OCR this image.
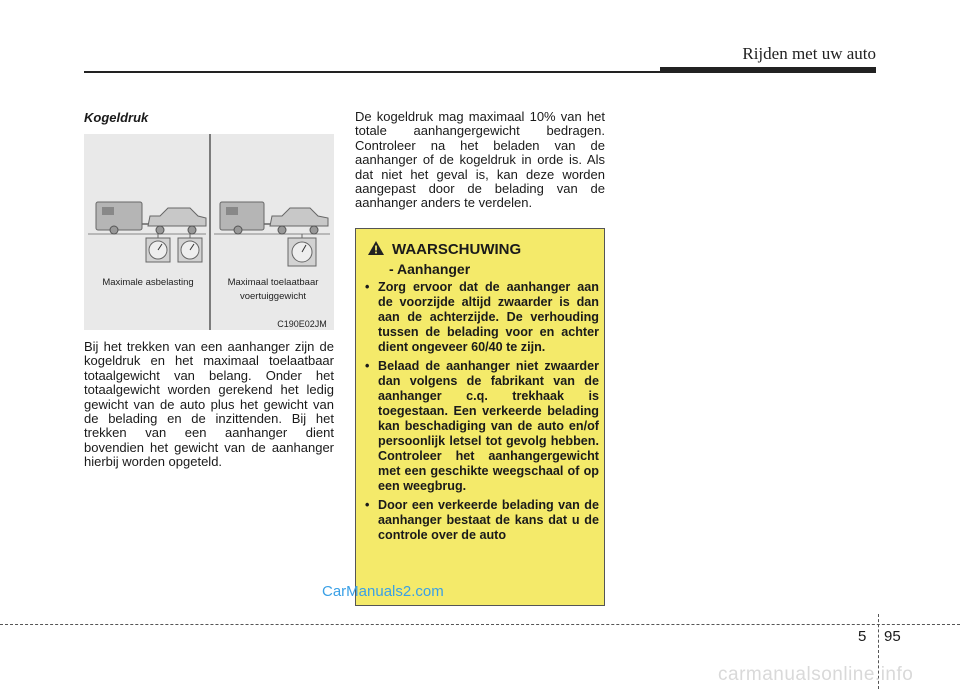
Rijden met uw auto
Kogeldruk
Maximale asbelasting	Maximaal toelaatbaar
voertuiggewicht
C190E02JM
Bij het trekken van een aanhanger zijn de kogeldruk en het maximaal toelaatbaar totaalgewicht van belang. Onder het totaalgewicht worden gerekend het ledig gewicht van de auto plus het gewicht van de belading en de inzittenden. Bij het trekken van een aanhanger dient bovendien het gewicht van de aanhanger hierbij worden opgeteld.
De kogeldruk mag maximaal 10% van het totale aanhangergewicht bedragen. Controleer na het beladen van de aanhanger of de kogeldruk in orde is. Als dat niet het geval is, kan deze worden aangepast door de belading van de aanhanger anders te verdelen.
WAARSCHUWING
- Aanhanger
• Zorg ervoor dat de aanhanger aan de voorzijde altijd zwaarder is dan aan de achterzijde. De verhouding tussen de belading voor en achter dient ongeveer 60/40 te zijn.
• Belaad de aanhanger niet zwaarder dan volgens de fabrikant van de aanhanger c.q. trekhaak is toegestaan. Een verkeerde belading kan beschadiging van de auto en/of persoonlijk letsel tot gevolg hebben. Controleer het aanhangergewicht met een geschikte weegschaal of op een weegbrug.
• Door een verkeerde belading van de aanhanger bestaat de kans dat u de controle over de auto
CarManuals2.com
5 95
carmanualsonline.info
